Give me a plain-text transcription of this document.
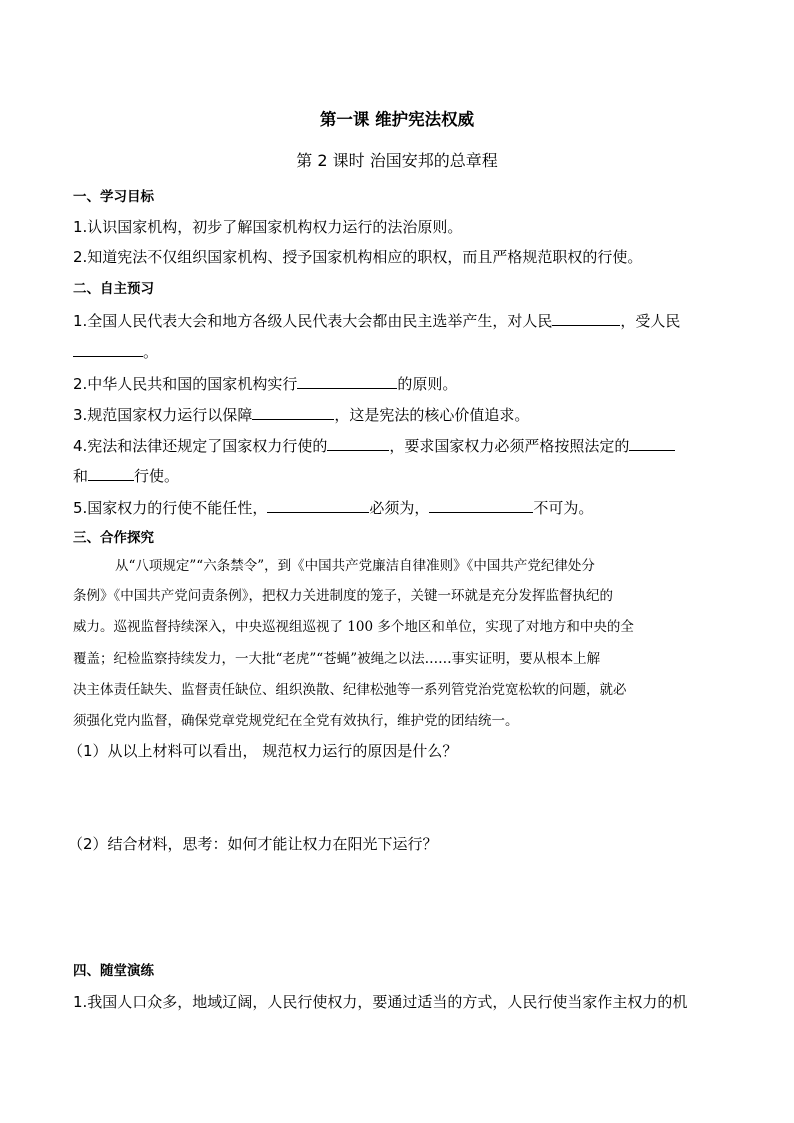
第一课 维护宪法权威
第 2 课时 治国安邦的总章程
一、学习目标
1.认识国家机构，初步了解国家机构权力运行的法治原则。
2.知道宪法不仅组织国家机构、授予国家机构相应的职权，而且严格规范职权的行使。
二、自主预习
1.全国人民代表大会和地方各级人民代表大会都由民主选举产生，对人民	，受人民
。
2.中华人民共和国的国家机构实行	的原则。
3.规范国家权力运行以保障	，这是宪法的核心价值追求。
4.宪法和法律还规定了国家权力行使的	，要求国家权力必须严格按照法定的
和	行使。
5.国家权力的行使不能任性，	必须为，	不可为。
三、合作探究
从“八项规定”“六条禁令”，到《中国共产党廉洁自律准则》《中国共产党纪律处分
条例》《中国共产党问责条例》，把权力关进制度的笼子，关键一环就是充分发挥监督执纪的
威力。巡视监督持续深入，中央巡视组巡视了 100 多个地区和单位，实现了对地方和中央的全
覆盖；纪检监察持续发力，一大批“老虎”“苍蝇”被绳之以法……事实证明，要从根本上解
决主体责任缺失、监督责任缺位、组织涣散、纪律松弛等一系列管党治党宽松软的问题，就必
须强化党内监督，确保党章党规党纪在全党有效执行，维护党的团结统一。
（1）从以上材料可以看出， 规范权力运行的原因是什么？
（2）结合材料，思考：如何才能让权力在阳光下运行？
四、随堂演练
1.我国人口众多，地域辽阔，人民行使权力，要通过适当的方式，人民行使当家作主权力的机
